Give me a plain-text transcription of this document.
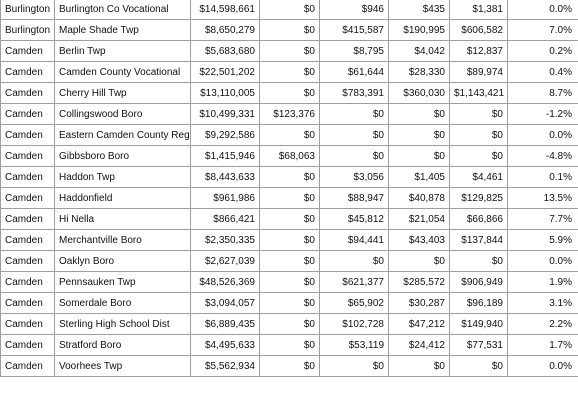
Burlington	Burlington Co Vocational	$14,598,661	$0	$946	$435	$1,381	0.0%
Burlington	Maple Shade Twp	$8,650,279	$0	$415,587	$190,995	$606,582	7.0%
Camden	Berlin Twp	$5,683,680	$0	$8,795	$4,042	$12,837	0.2%
Camden	Camden County Vocational	$22,501,202	$0	$61,644	$28,330	$89,974	0.4%
Camden	Cherry Hill Twp	$13,110,005	$0	$783,391	$360,030	$1,143,421	8.7%
Camden	Collingswood Boro	$10,499,331	$123,376	$0	$0	$0	-1.2%
Camden	Eastern Camden County Reg	$9,292,586	$0	$0	$0	$0	0.0%
Camden	Gibbsboro Boro	$1,415,946	$68,063	$0	$0	$0	-4.8%
Camden	Haddon Twp	$8,443,633	$0	$3,056	$1,405	$4,461	0.1%
Camden	Haddonfield	$961,986	$0	$88,947	$40,878	$129,825	13.5%
Camden	Hi Nella	$866,421	$0	$45,812	$21,054	$66,866	7.7%
Camden	Merchantville Boro	$2,350,335	$0	$94,441	$43,403	$137,844	5.9%
Camden	Oaklyn Boro	$2,627,039	$0	$0	$0	$0	0.0%
Camden	Pennsauken Twp	$48,526,369	$0	$621,377	$285,572	$906,949	1.9%
Camden	Somerdale Boro	$3,094,057	$0	$65,902	$30,287	$96,189	3.1%
Camden	Sterling High School Dist	$6,889,435	$0	$102,728	$47,212	$149,940	2.2%
Camden	Stratford Boro	$4,495,633	$0	$53,119	$24,412	$77,531	1.7%
Camden	Voorhees Twp	$5,562,934	$0	$0	$0	$0	0.0%
